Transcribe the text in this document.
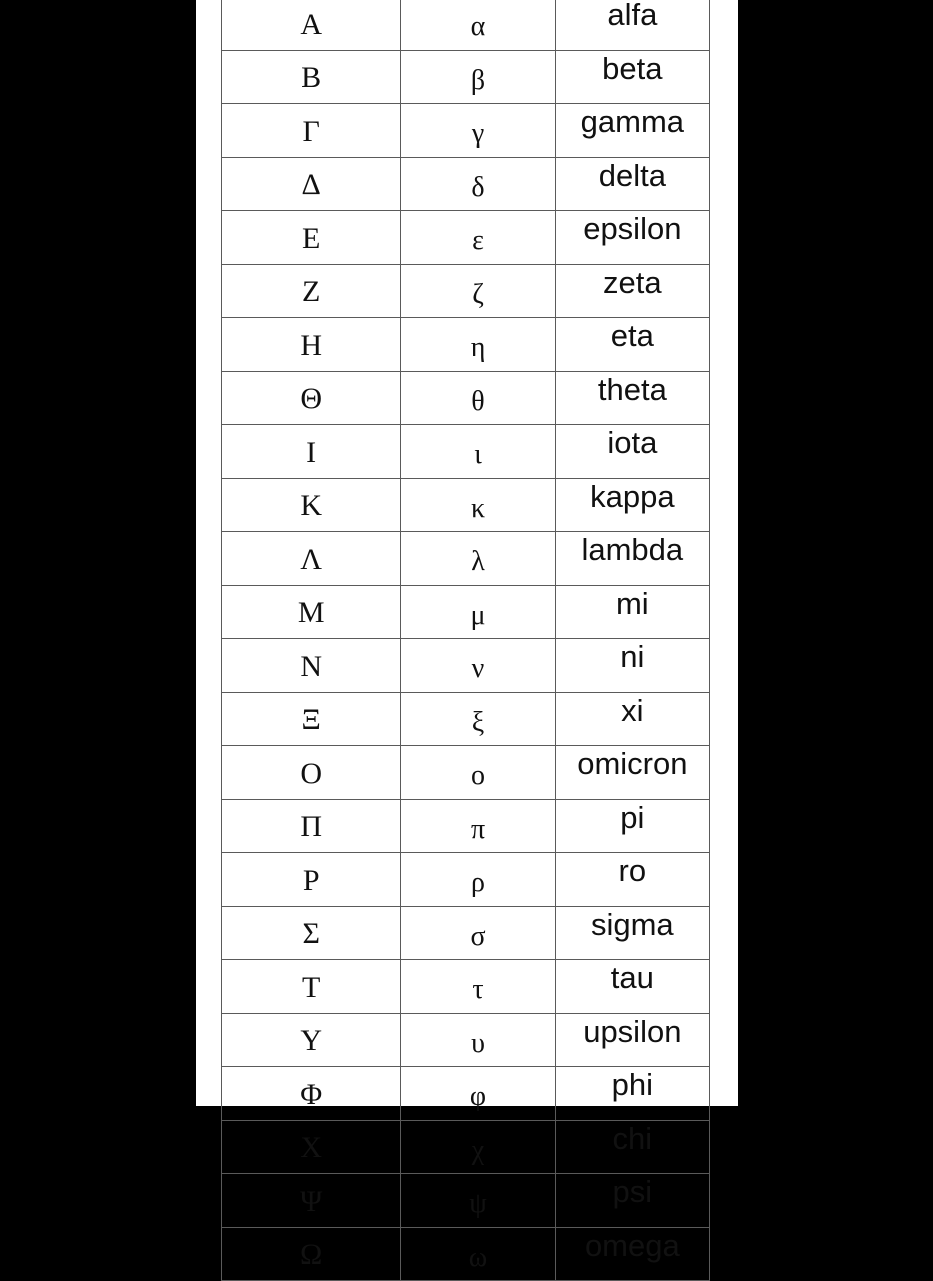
Α	α	alfa
Β	β	beta
Γ	γ	gamma
Δ	δ	delta
Ε	ε	epsilon
Ζ	ζ	zeta
Η	η	eta
Θ	θ	theta
Ι	ι	iota
Κ	κ	kappa
Λ	λ	lambda
Μ	μ	mi
Ν	ν	ni
Ξ	ξ	xi
Ο	ο	omicron
Π	π	pi
Ρ	ρ	ro
Σ	σ	sigma
Τ	τ	tau
Υ	υ	upsilon
Φ	φ	phi
Χ	χ	chi
Ψ	ψ	psi
Ω	ω	omega
